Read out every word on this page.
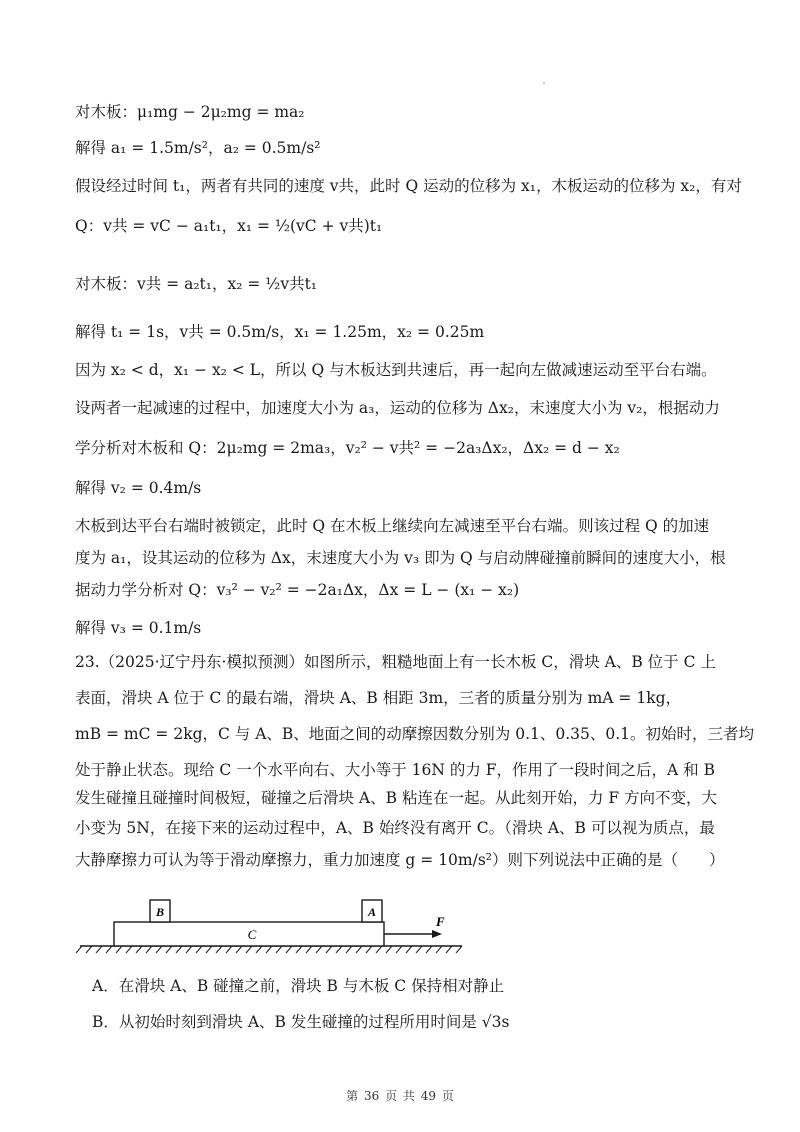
对木板：μ₁mg − 2μ₂mg = ma₂
解得 a₁ = 1.5m/s²，a₂ = 0.5m/s²
假设经过时间 t₁，两者有共同的速度 v共，此时 Q 运动的位移为 x₁，木板运动的位移为 x₂，有对
Q：v共 = vC − a₁t₁，x₁ = ½(vC + v共)t₁
对木板：v共 = a₂t₁，x₂ = ½v共t₁
解得 t₁ = 1s，v共 = 0.5m/s，x₁ = 1.25m，x₂ = 0.25m
因为 x₂ < d，x₁ − x₂ < L，所以 Q 与木板达到共速后，再一起向左做减速运动至平台右端。
设两者一起减速的过程中，加速度大小为 a₃，运动的位移为 Δx₂，末速度大小为 v₂，根据动力
学分析对木板和 Q：2μ₂mg = 2ma₃，v₂² − v共² = −2a₃Δx₂，Δx₂ = d − x₂
解得 v₂ = 0.4m/s
木板到达平台右端时被锁定，此时 Q 在木板上继续向左减速至平台右端。则该过程 Q 的加速
度为 a₁，设其运动的位移为 Δx，末速度大小为 v₃ 即为 Q 与启动牌碰撞前瞬间的速度大小，根
据动力学分析对 Q：v₃² − v₂² = −2a₁Δx，Δx = L − (x₁ − x₂)
解得 v₃ = 0.1m/s
23.（2025·辽宁丹东·模拟预测）如图所示，粗糙地面上有一长木板 C，滑块 A、B 位于 C 上
表面，滑块 A 位于 C 的最右端，滑块 A、B 相距 3m，三者的质量分别为 mA = 1kg，
mB = mC = 2kg，C 与 A、B、地面之间的动摩擦因数分别为 0.1、0.35、0.1。初始时，三者均
处于静止状态。现给 C 一个水平向右、大小等于 16N 的力 F，作用了一段时间之后，A 和 B
发生碰撞且碰撞时间极短，碰撞之后滑块 A、B 粘连在一起。从此刻开始，力 F 方向不变，大
小变为 5N，在接下来的运动过程中，A、B 始终没有离开 C。（滑块 A、B 可以视为质点，最
大静摩擦力可认为等于滑动摩擦力，重力加速度 g = 10m/s²）则下列说法中正确的是（　　）
C
B	A
F
A．在滑块 A、B 碰撞之前，滑块 B 与木板 C 保持相对静止
B．从初始时刻到滑块 A、B 发生碰撞的过程所用时间是 √3s
第 36 页 共 49 页
